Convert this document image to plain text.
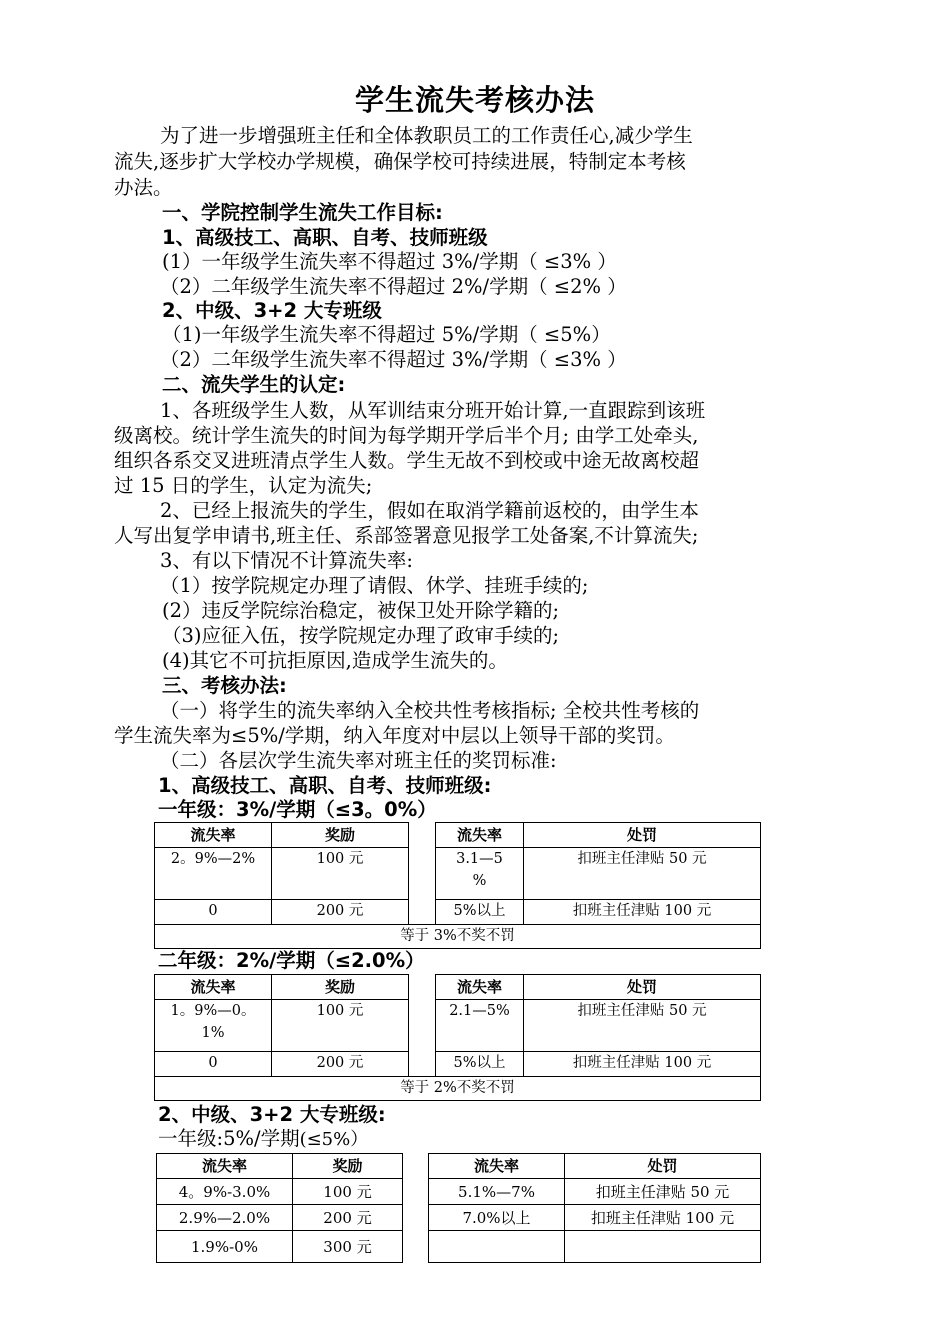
学生流失考核办法
为了进一步增强班主任和全体教职员工的工作责任心,减少学生
流失,逐步扩大学校办学规模，确保学校可持续进展，特制定本考核
办法。
一、学院控制学生流失工作目标:
1、高级技工、高职、自考、技师班级
(1）一年级学生流失率不得超过 3%/学期（ ≤3% ）
（2）二年级学生流失率不得超过 2%/学期（ ≤2% ）
2、中级、3+2 大专班级
（1)一年级学生流失率不得超过 5%/学期（ ≤5%）
（2）二年级学生流失率不得超过 3%/学期（ ≤3% ）
二、流失学生的认定:
1、各班级学生人数，从军训结束分班开始计算,一直跟踪到该班
级离校。统计学生流失的时间为每学期开学后半个月; 由学工处牵头,
组织各系交叉进班清点学生人数。学生无故不到校或中途无故离校超
过 15 日的学生，认定为流失;
2、已经上报流失的学生，假如在取消学籍前返校的，由学生本
人写出复学申请书,班主任、系部签署意见报学工处备案,不计算流失;
3、有以下情况不计算流失率:
（1）按学院规定办理了请假、休学、挂班手续的;
(2）违反学院综治稳定，被保卫处开除学籍的;
（3)应征入伍，按学院规定办理了政审手续的;
(4)其它不可抗拒原因,造成学生流失的。
三、考核办法:
（一）将学生的流失率纳入全校共性考核指标; 全校共性考核的
学生流失率为≤5%/学期，纳入年度对中层以上领导干部的奖罚。
（二）各层次学生流失率对班主任的奖罚标准:
1、高级技工、高职、自考、技师班级:
一年级：3%/学期（≤3。0%）
流失率	奖励		流失率	处罚
2。9%—2%	100 元		3.1—5 %	扣班主任津贴 50 元
0	200 元		5%以上	扣班主任津贴 100 元
等于 3%不奖不罚				
二年级：2%/学期（≤2.0%）
流失率	奖励		流失率	处罚
1。9%—0。1%	100 元		2.1—5%	扣班主任津贴 50 元
0	200 元		5%以上	扣班主任津贴 100 元
等于 2%不奖不罚				
2、中级、3+2 大专班级:
一年级:5%/学期(≤5%）
流失率	奖励		流失率	处罚
4。9%-3.0%	100 元		5.1%—7%	扣班主任津贴 50 元
2.9%—2.0%	200 元		7.0%以上	扣班主任津贴 100 元
1.9%-0%	300 元			
